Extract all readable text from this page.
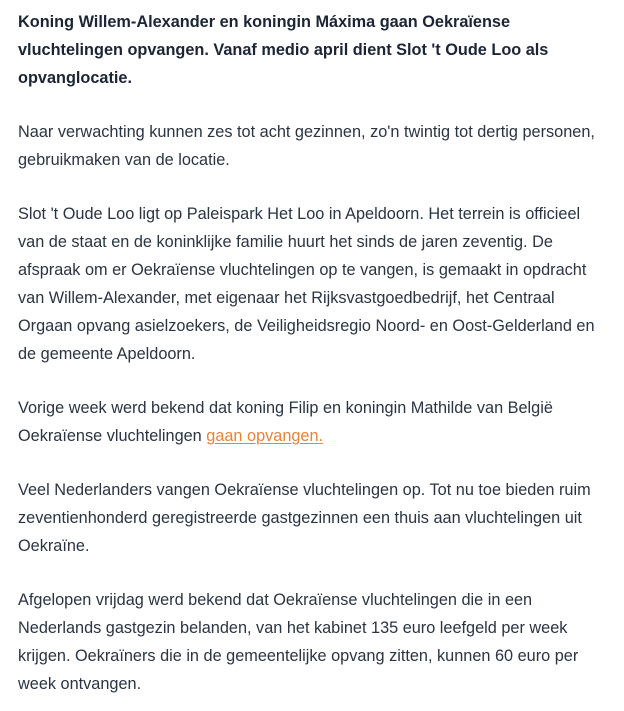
Koning Willem-Alexander en koningin Máxima gaan Oekraïense
vluchtelingen opvangen. Vanaf medio april dient Slot 't Oude Loo als
opvanglocatie.

Naar verwachting kunnen zes tot acht gezinnen, zo'n twintig tot dertig personen,
gebruikmaken van de locatie.

Slot 't Oude Loo ligt op Paleispark Het Loo in Apeldoorn. Het terrein is officieel
van de staat en de koninklijke familie huurt het sinds de jaren zeventig. De
afspraak om er Oekraïense vluchtelingen op te vangen, is gemaakt in opdracht
van Willem-Alexander, met eigenaar het Rijksvastgoedbedrijf, het Centraal
Orgaan opvang asielzoekers, de Veiligheidsregio Noord- en Oost-Gelderland en
de gemeente Apeldoorn.

Vorige week werd bekend dat koning Filip en koningin Mathilde van België
Oekraïense vluchtelingen gaan opvangen.

Veel Nederlanders vangen Oekraïense vluchtelingen op. Tot nu toe bieden ruim
zeventienhonderd geregistreerde gastgezinnen een thuis aan vluchtelingen uit
Oekraïne.

Afgelopen vrijdag werd bekend dat Oekraïense vluchtelingen die in een
Nederlands gastgezin belanden, van het kabinet 135 euro leefgeld per week
krijgen. Oekraïners die in de gemeentelijke opvang zitten, kunnen 60 euro per
week ontvangen.
